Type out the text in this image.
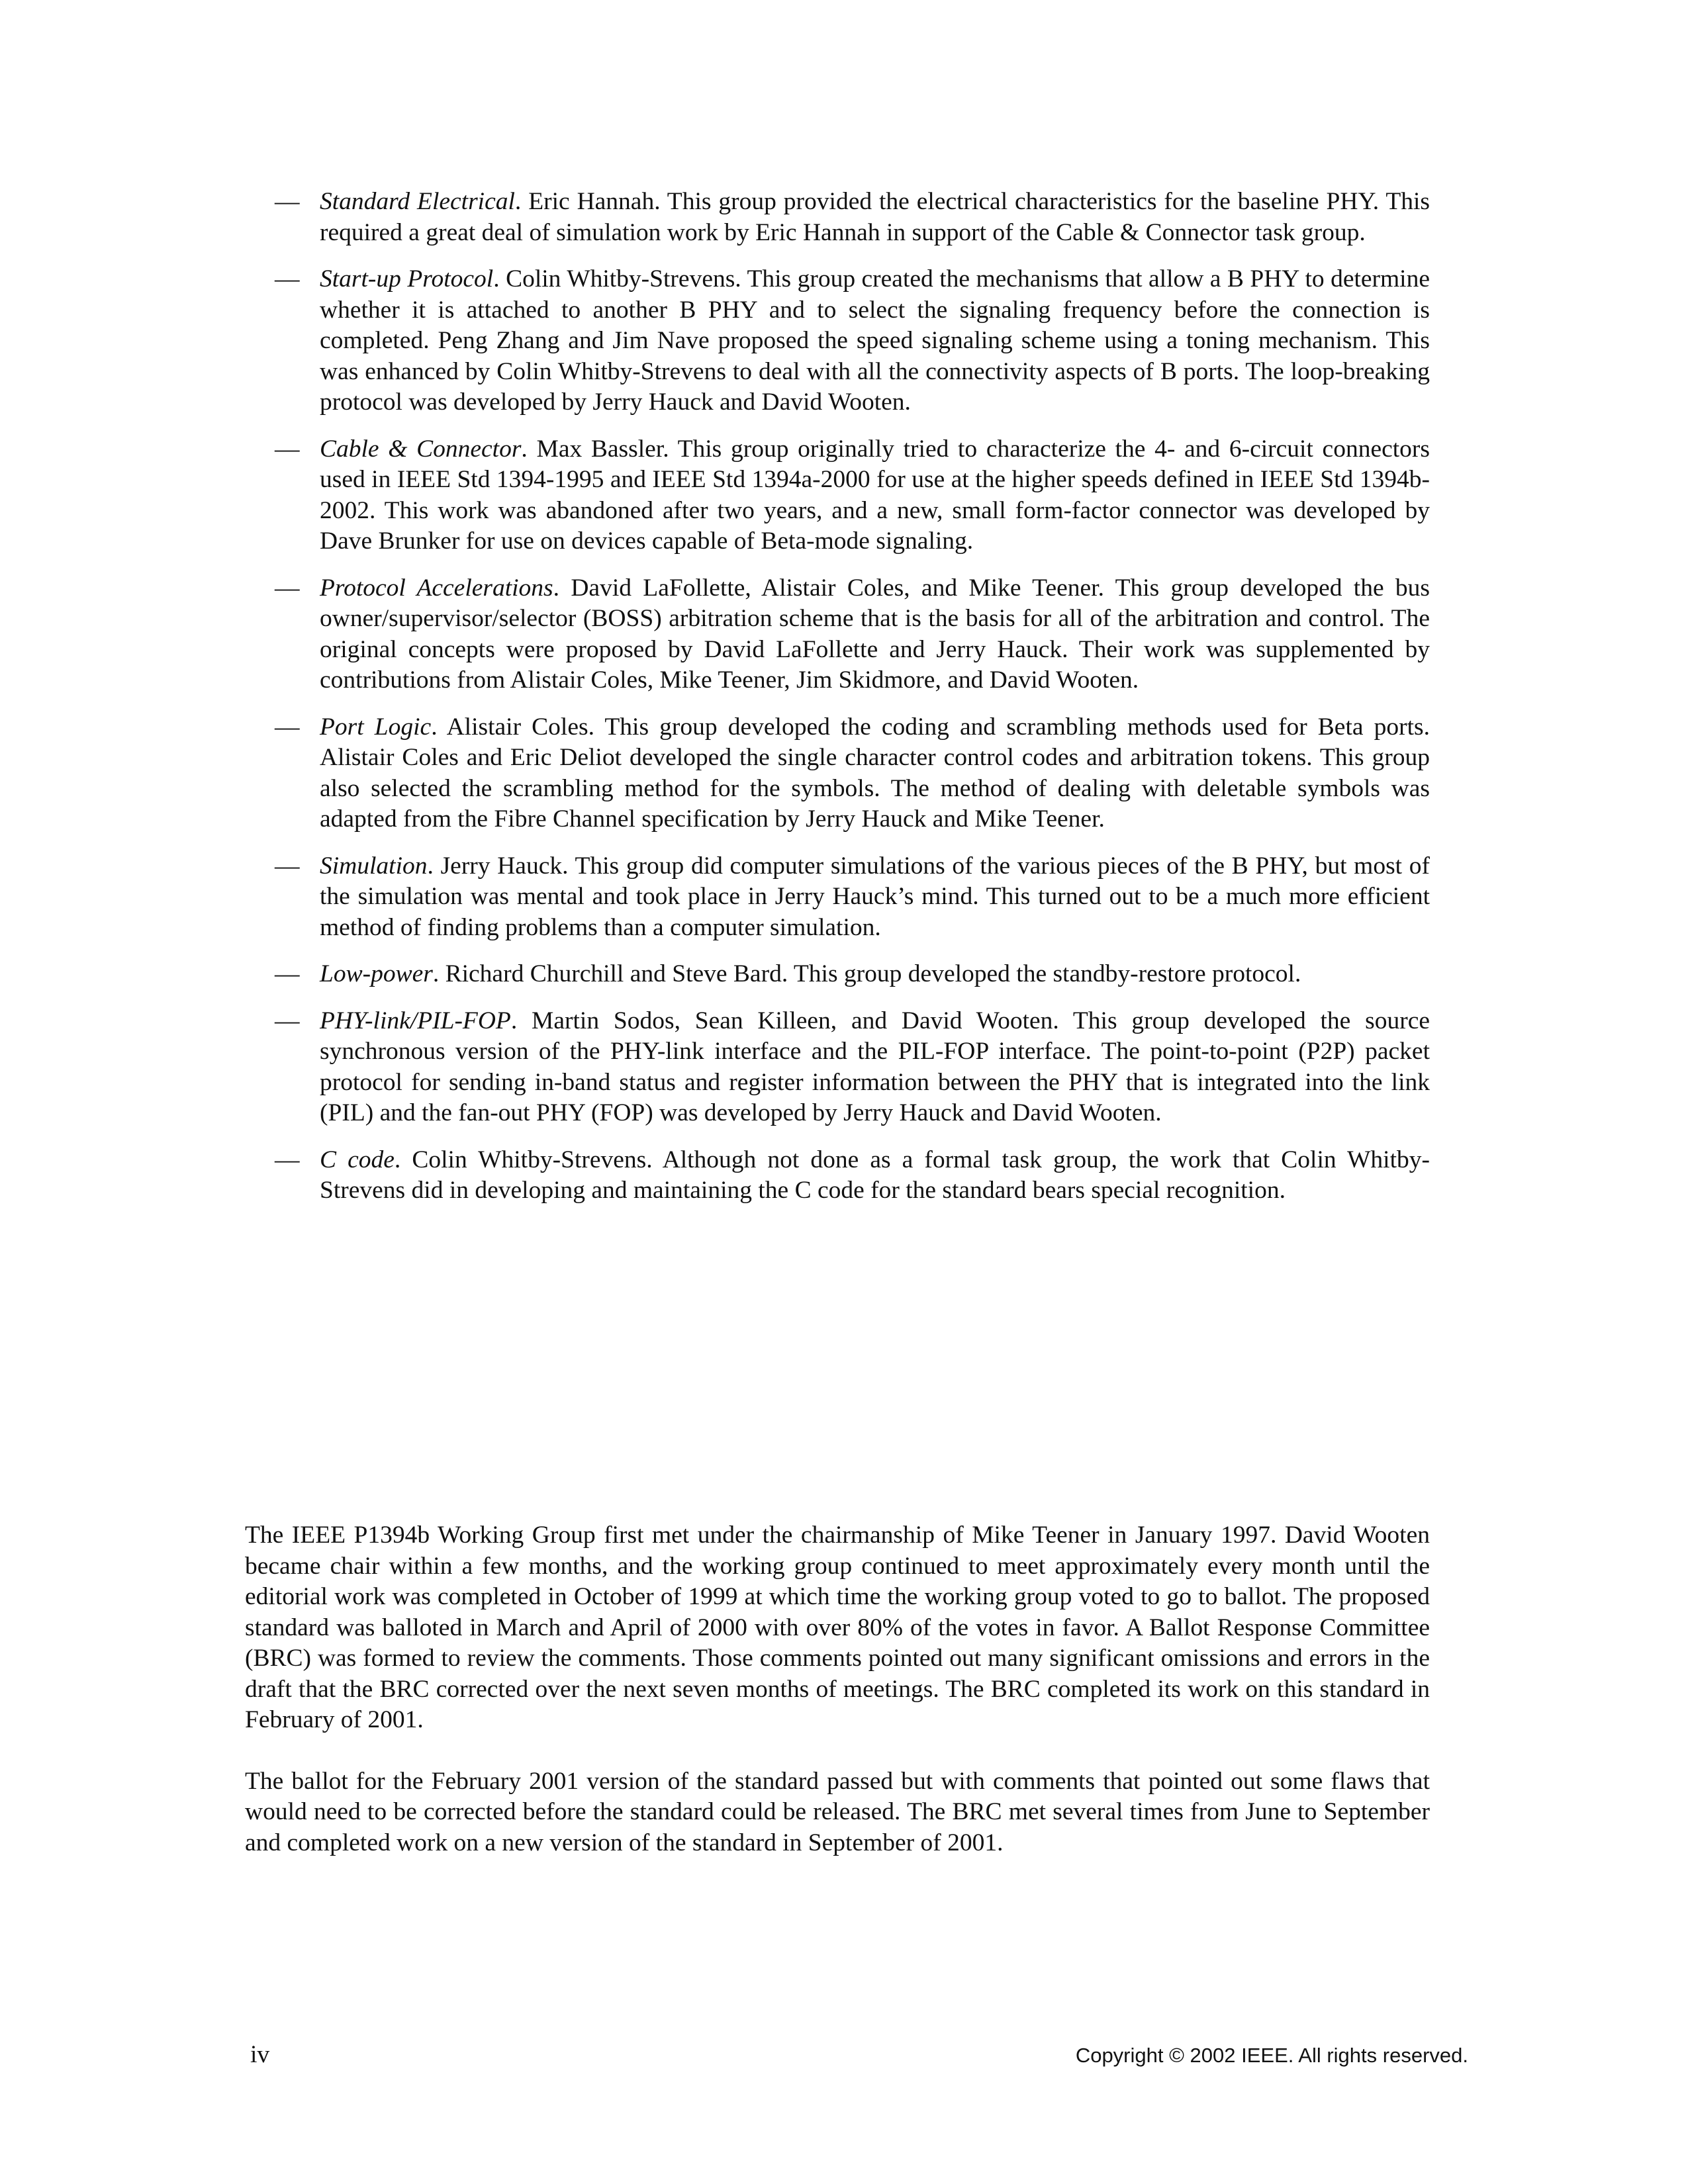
— Standard Electrical. Eric Hannah. This group provided the electrical characteristics for the baseline PHY. This required a great deal of simulation work by Eric Hannah in support of the Cable & Connector task group.
— Start-up Protocol. Colin Whitby-Strevens. This group created the mechanisms that allow a B PHY to determine whether it is attached to another B PHY and to select the signaling frequency before the connection is completed. Peng Zhang and Jim Nave proposed the speed signaling scheme using a toning mechanism. This was enhanced by Colin Whitby-Strevens to deal with all the connectivity aspects of B ports. The loop-breaking protocol was developed by Jerry Hauck and David Wooten.
— Cable & Connector. Max Bassler. This group originally tried to characterize the 4- and 6-circuit connectors used in IEEE Std 1394-1995 and IEEE Std 1394a-2000 for use at the higher speeds defined in IEEE Std 1394b-2002. This work was abandoned after two years, and a new, small form-factor connector was developed by Dave Brunker for use on devices capable of Beta-mode signaling.
— Protocol Accelerations. David LaFollette, Alistair Coles, and Mike Teener. This group developed the bus owner/supervisor/selector (BOSS) arbitration scheme that is the basis for all of the arbitration and control. The original concepts were proposed by David LaFollette and Jerry Hauck. Their work was supplemented by contributions from Alistair Coles, Mike Teener, Jim Skidmore, and David Wooten.
— Port Logic. Alistair Coles. This group developed the coding and scrambling methods used for Beta ports. Alistair Coles and Eric Deliot developed the single character control codes and arbitration tokens. This group also selected the scrambling method for the symbols. The method of dealing with deletable symbols was adapted from the Fibre Channel specification by Jerry Hauck and Mike Teener.
— Simulation. Jerry Hauck. This group did computer simulations of the various pieces of the B PHY, but most of the simulation was mental and took place in Jerry Hauck’s mind. This turned out to be a much more efficient method of finding problems than a computer simulation.
— Low-power. Richard Churchill and Steve Bard. This group developed the standby-restore protocol.
— PHY-link/PIL-FOP. Martin Sodos, Sean Killeen, and David Wooten. This group developed the source synchronous version of the PHY-link interface and the PIL-FOP interface. The point-to-point (P2P) packet protocol for sending in-band status and register information between the PHY that is integrated into the link (PIL) and the fan-out PHY (FOP) was developed by Jerry Hauck and David Wooten.
— C code. Colin Whitby-Strevens. Although not done as a formal task group, the work that Colin Whitby-Strevens did in developing and maintaining the C code for the standard bears special recognition.

The IEEE P1394b Working Group first met under the chairmanship of Mike Teener in January 1997. David Wooten became chair within a few months, and the working group continued to meet approximately every month until the editorial work was completed in October of 1999 at which time the working group voted to go to ballot. The proposed standard was balloted in March and April of 2000 with over 80% of the votes in favor. A Ballot Response Committee (BRC) was formed to review the comments. Those comments pointed out many significant omissions and errors in the draft that the BRC corrected over the next seven months of meetings. The BRC completed its work on this standard in February of 2001.

The ballot for the February 2001 version of the standard passed but with comments that pointed out some flaws that would need to be corrected before the standard could be released. The BRC met several times from June to September and completed work on a new version of the standard in September of 2001.

iv	Copyright © 2002 IEEE. All rights reserved.
